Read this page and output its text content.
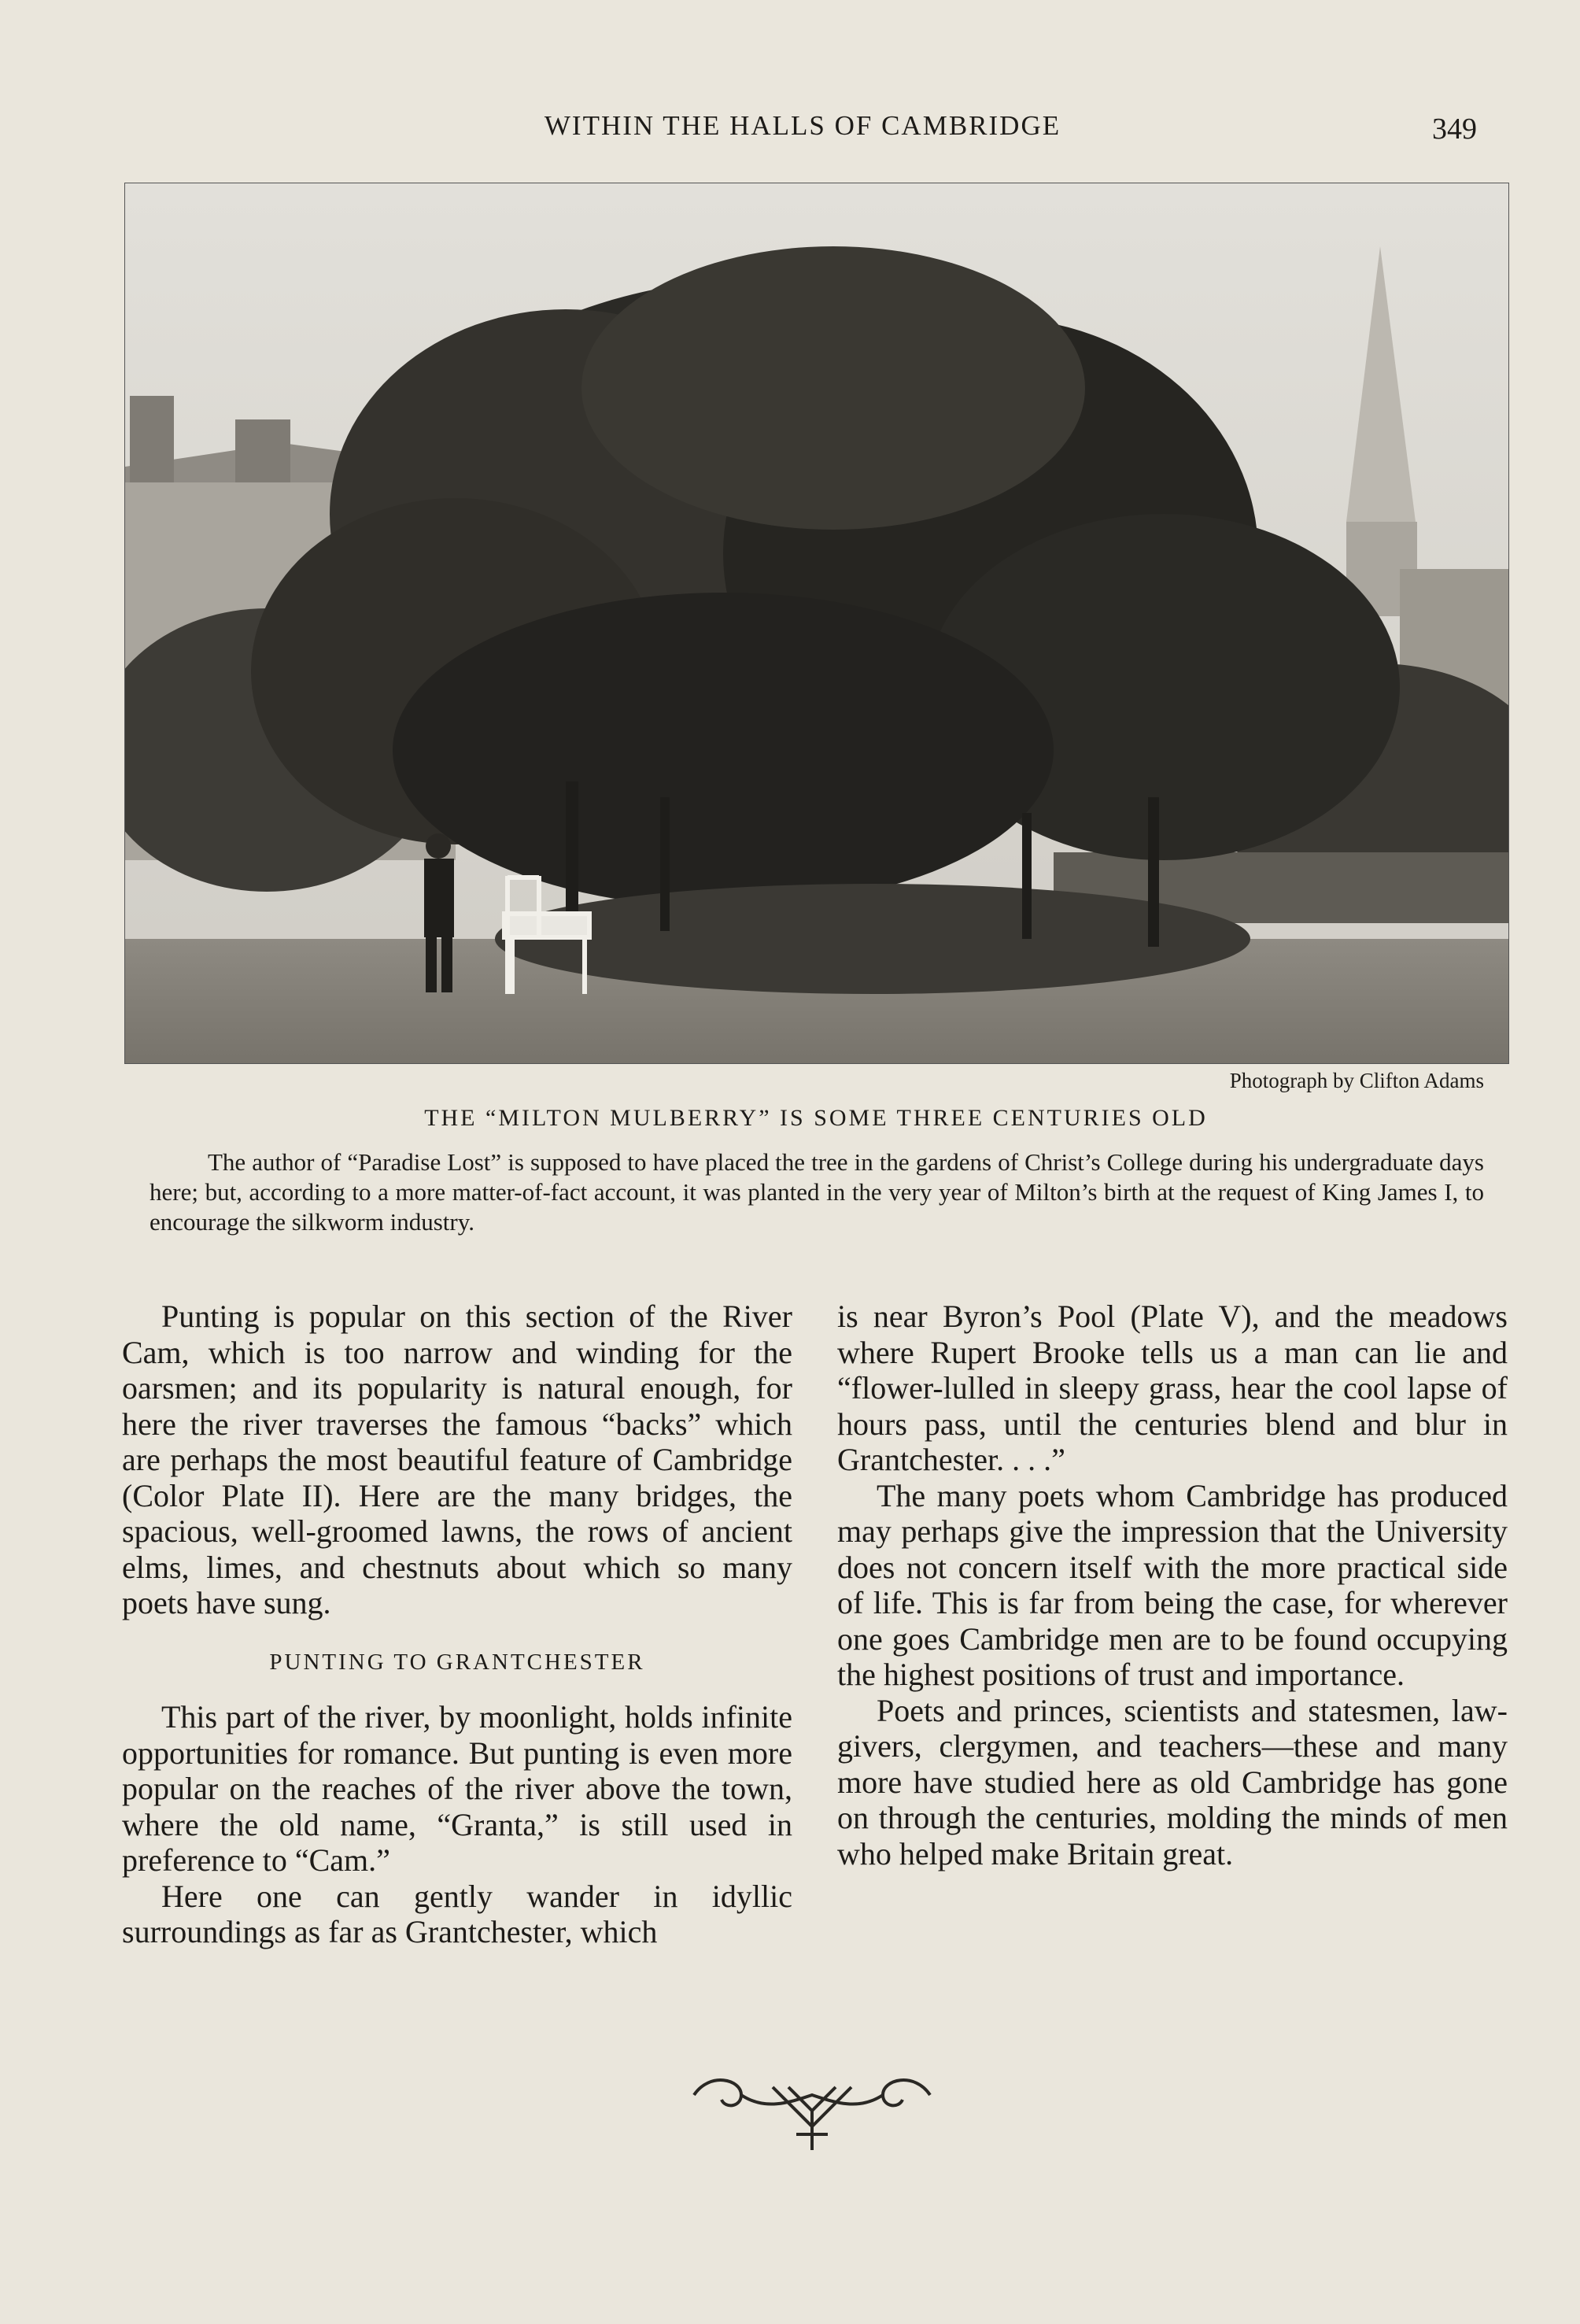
WITHIN THE HALLS OF CAMBRIDGE	349
Photograph by Clifton Adams
THE “MILTON MULBERRY” IS SOME THREE CENTURIES OLD
The author of “Paradise Lost” is supposed to have placed the tree in the gardens of Christ’s College during his undergraduate days here; but, according to a more matter-of-fact account, it was planted in the very year of Milton’s birth at the request of King James I, to encourage the silkworm industry.

Punting is popular on this section of the River Cam, which is too narrow and winding for the oarsmen; and its popularity is natural enough, for here the river traverses the famous “backs” which are perhaps the most beautiful feature of Cambridge (Color Plate II). Here are the many bridges, the spacious, well-groomed lawns, the rows of ancient elms, limes, and chestnuts about which so many poets have sung.

PUNTING TO GRANTCHESTER

This part of the river, by moonlight, holds infinite opportunities for romance. But punting is even more popular on the reaches of the river above the town, where the old name, “Granta,” is still used in preference to “Cam.”

Here one can gently wander in idyllic surroundings as far as Grantchester, which

is near Byron’s Pool (Plate V), and the meadows where Rupert Brooke tells us a man can lie and “flower-lulled in sleepy grass, hear the cool lapse of hours pass, until the centuries blend and blur in Grantchester. . . .”

The many poets whom Cambridge has produced may perhaps give the impression that the University does not concern itself with the more practical side of life. This is far from being the case, for wherever one goes Cambridge men are to be found occupying the highest positions of trust and importance.

Poets and princes, scientists and statesmen, law-givers, clergymen, and teachers—these and many more have studied here as old Cambridge has gone on through the centuries, molding the minds of men who helped make Britain great.
